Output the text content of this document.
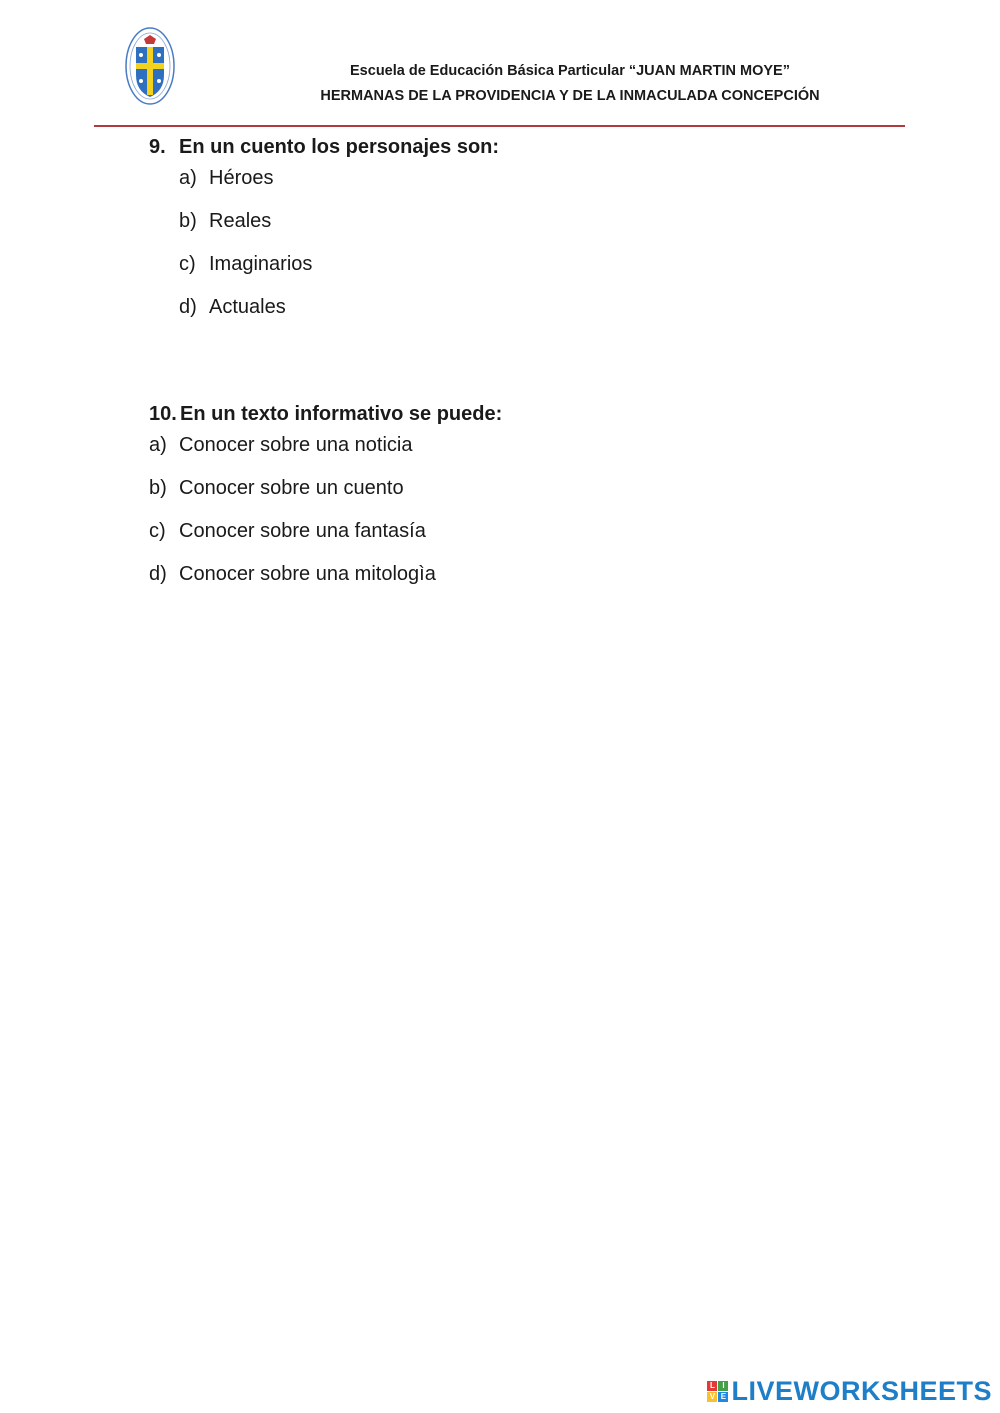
Escuela de Educación Básica Particular “JUAN MARTIN MOYE”
HERMANAS DE LA PROVIDENCIA Y DE LA INMACULADA CONCEPCIÓN
9. En un cuento los personajes son:
a) Héroes
b) Reales
c) Imaginarios
d) Actuales
10. En un texto informativo se puede:
a) Conocer sobre una noticia
b) Conocer sobre un cuento
c) Conocer sobre una fantasía
d) Conocer sobre una mitologìa
L I
V E LIVEWORKSHEETS
